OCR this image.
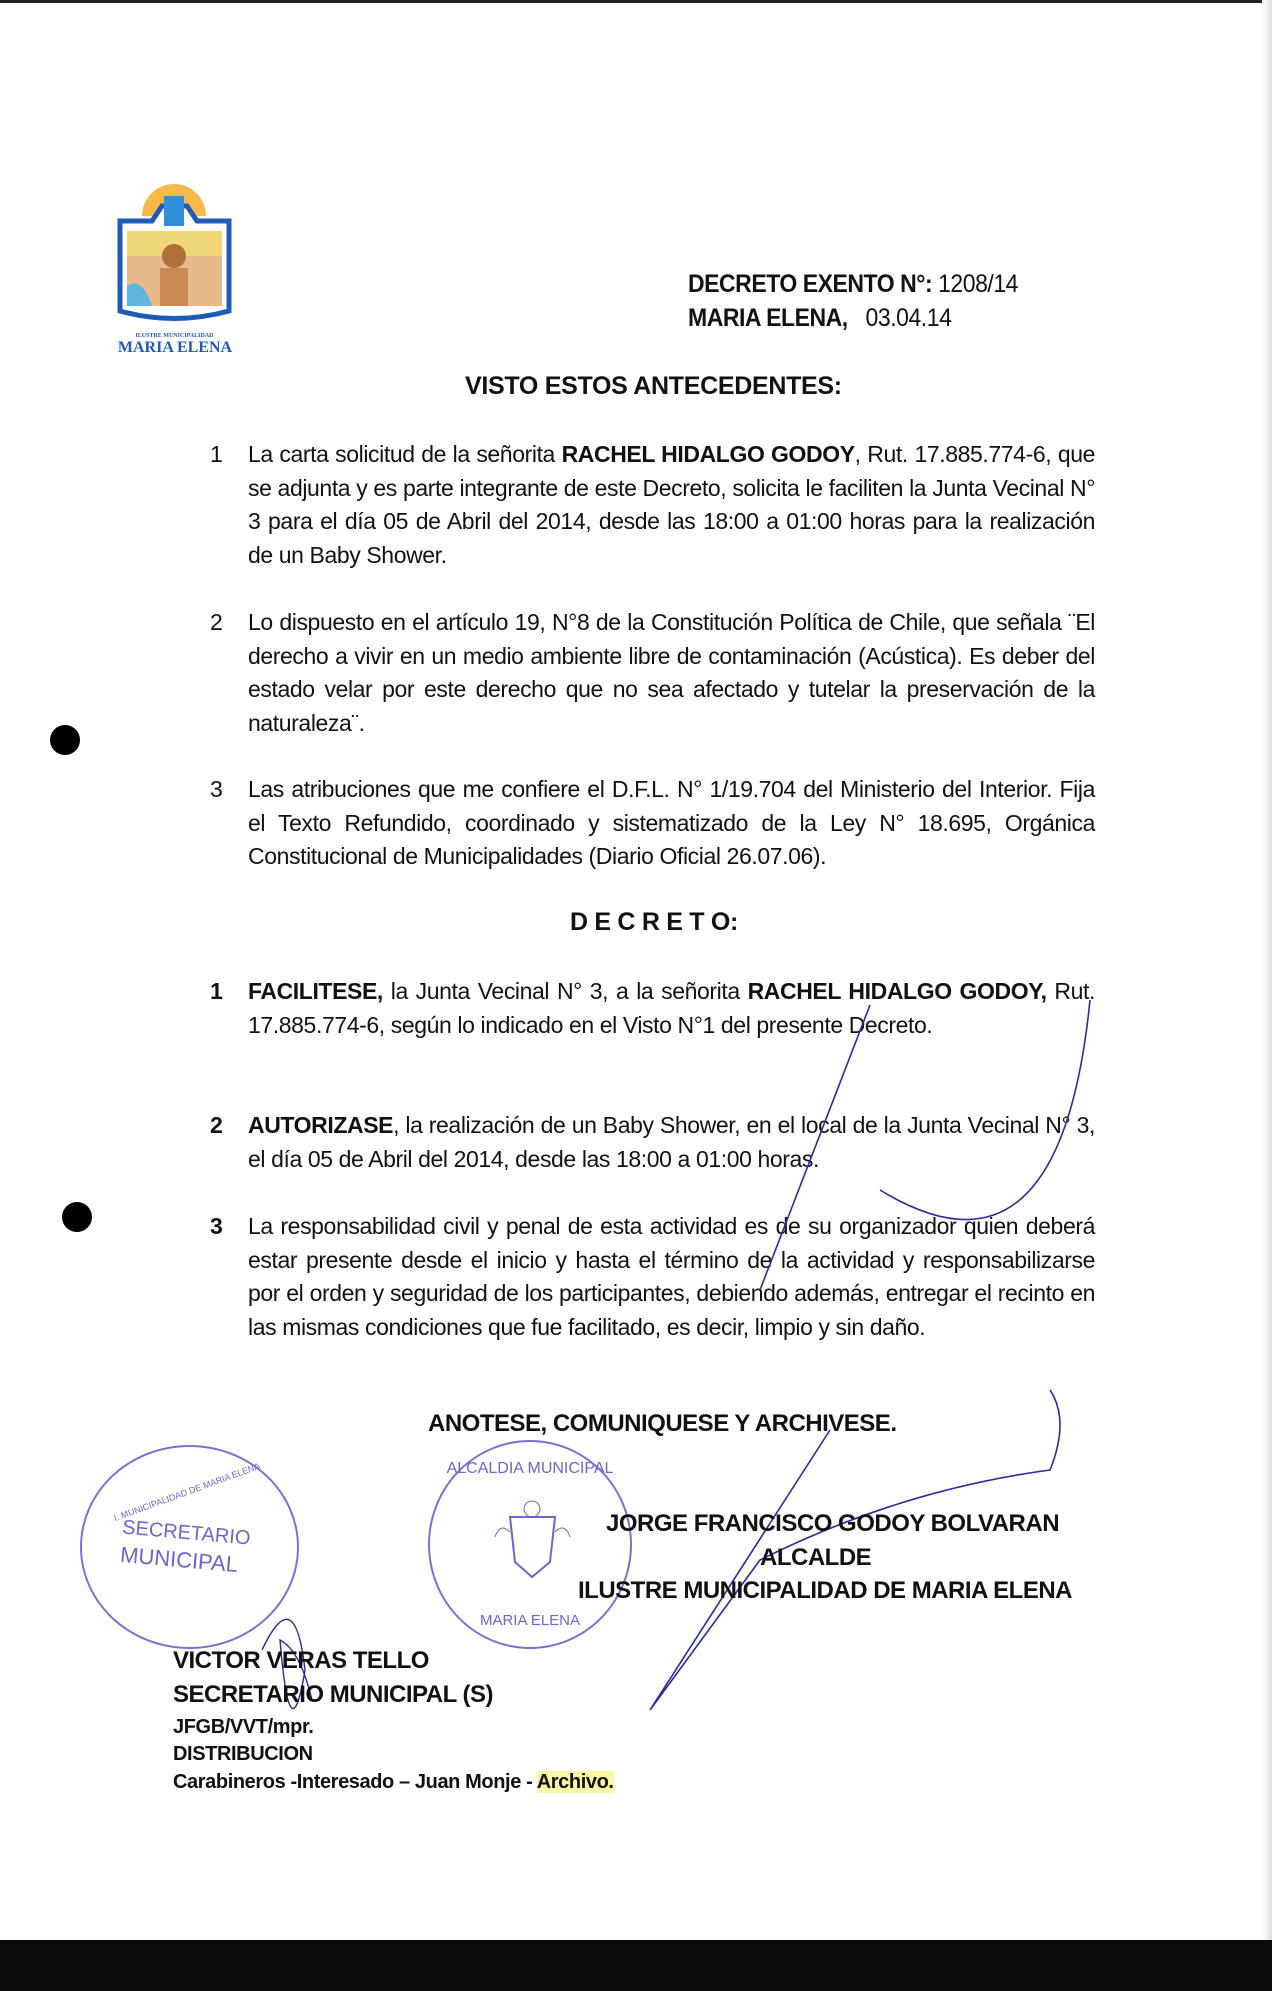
ILUSTRE MUNICIPALIDAD
MARIA ELENA
DECRETO EXENTO N°: 1208/14
MARIA ELENA, 03.04.14
VISTO ESTOS ANTECEDENTES:
1 La carta solicitud de la señorita RACHEL HIDALGO GODOY, Rut. 17.885.774-6, que se adjunta y es parte integrante de este Decreto, solicita le faciliten la Junta Vecinal N° 3 para el día 05 de Abril del 2014, desde las 18:00 a 01:00 horas para la realización de un Baby Shower.
2 Lo dispuesto en el artículo 19, N°8 de la Constitución Política de Chile, que señala ¨El derecho a vivir en un medio ambiente libre de contaminación (Acústica). Es deber del estado velar por este derecho que no sea afectado y tutelar la preservación de la naturaleza¨.
3 Las atribuciones que me confiere el D.F.L. N° 1/19.704 del Ministerio del Interior. Fija el Texto Refundido, coordinado y sistematizado de la Ley N° 18.695, Orgánica Constitucional de Municipalidades (Diario Oficial 26.07.06).
D E C R E T O:
1 FACILITESE, la Junta Vecinal N° 3, a la señorita RACHEL HIDALGO GODOY, Rut. 17.885.774-6, según lo indicado en el Visto N°1 del presente Decreto.
2 AUTORIZASE, la realización de un Baby Shower, en el local de la Junta Vecinal N° 3, el día 05 de Abril del 2014, desde las 18:00 a 01:00 horas.
3 La responsabilidad civil y penal de esta actividad es de su organizador quien deberá estar presente desde el inicio y hasta el término de la actividad y responsabilizarse por el orden y seguridad de los participantes, debiendo además, entregar el recinto en las mismas condiciones que fue facilitado, es decir, limpio y sin daño.
ANOTESE, COMUNIQUESE Y ARCHIVESE.
I. MUNICIPALIDAD DE MARIA ELENA
SECRETARIO
MUNICIPAL
ALCALDIA MUNICIPAL
MARIA ELENA
JORGE FRANCISCO GODOY BOLVARAN
ALCALDE
ILUSTRE MUNICIPALIDAD DE MARIA ELENA
VICTOR VERAS TELLO
SECRETARIO MUNICIPAL (S)
JFGB/VVT/mpr.
DISTRIBUCION
Carabineros -Interesado – Juan Monje - Archivo.
